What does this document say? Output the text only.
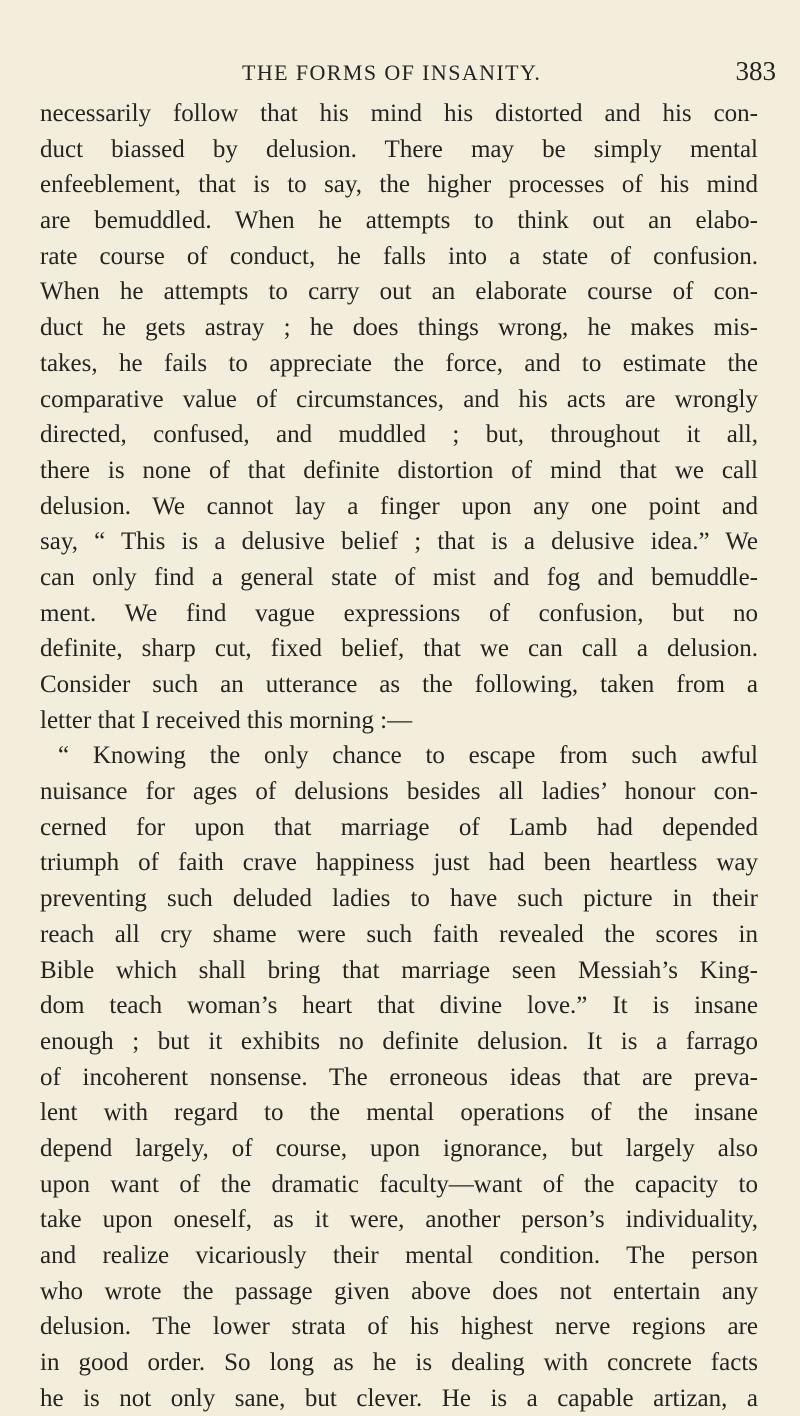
THE FORMS OF INSANITY.	383
necessarily follow that his mind his distorted and his con-
duct biassed by delusion. There may be simply mental
enfeeblement, that is to say, the higher processes of his mind
are bemuddled. When he attempts to think out an elabo-
rate course of conduct, he falls into a state of confusion.
When he attempts to carry out an elaborate course of con-
duct he gets astray ; he does things wrong, he makes mis-
takes, he fails to appreciate the force, and to estimate the
comparative value of circumstances, and his acts are wrongly
directed, confused, and muddled ; but, throughout it all,
there is none of that definite distortion of mind that we call
delusion. We cannot lay a finger upon any one point and
say, “ This is a delusive belief ; that is a delusive idea.” We
can only find a general state of mist and fog and bemuddle-
ment. We find vague expressions of confusion, but no
definite, sharp cut, fixed belief, that we can call a delusion.
Consider such an utterance as the following, taken from a
letter that I received this morning :—
“ Knowing the only chance to escape from such awful
nuisance for ages of delusions besides all ladies’ honour con-
cerned for upon that marriage of Lamb had depended
triumph of faith crave happiness just had been heartless way
preventing such deluded ladies to have such picture in their
reach all cry shame were such faith revealed the scores in
Bible which shall bring that marriage seen Messiah’s King-
dom teach woman’s heart that divine love.” It is insane
enough ; but it exhibits no definite delusion. It is a farrago
of incoherent nonsense. The erroneous ideas that are preva-
lent with regard to the mental operations of the insane
depend largely, of course, upon ignorance, but largely also
upon want of the dramatic faculty—want of the capacity to
take upon oneself, as it were, another person’s individuality,
and realize vicariously their mental condition. The person
who wrote the passage given above does not entertain any
delusion. The lower strata of his highest nerve regions are
in good order. So long as he is dealing with concrete facts
he is not only sane, but clever. He is a capable artizan, a
